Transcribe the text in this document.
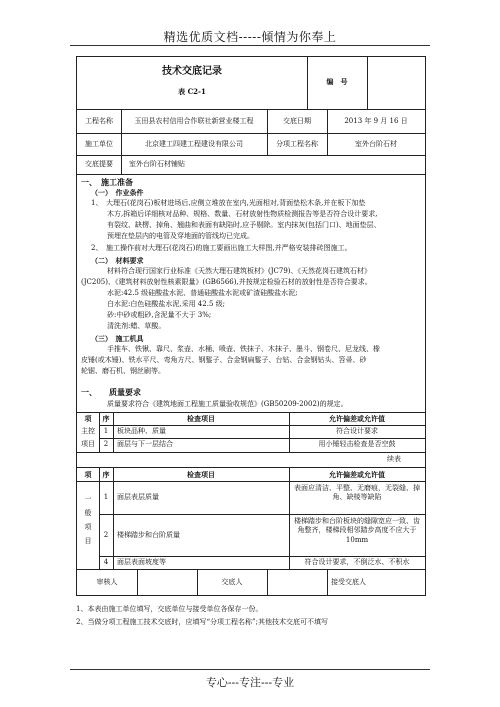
精选优质文档-----倾情为你奉上
技术交底记录
表 C2-1
编　号
工程名称	玉田县农村信用合作联社新营业楼工程	交底日期	2013 年 9 月 16 日
施工单位	北京建工四建工程建设有限公司	分项工程名称	室外台阶石材
交底提要	室外台阶石材铺贴
一、　施工准备
（一）　作业条件
1、　大理石(花岗石)板材进场后,应侧立堆放在室内,光面相对,背面垫松木条,并在板下加垫
木方,拆箱后详细核对品种、规格、数量、石材放射性物质检测报告等是否符合设计要求,
有裂纹、缺楞、掉角、翘曲和表面有缺陷时,应予剔除。室内抹灰(包括门口)、地面垫层、
预埋在垫层内的电管及穿地面的管线均已完成。
2、　施工操作前对大理石(花岗石)的施工要画出施工大样图,并严格安装排砖图施工。
（二）　材料要求
材料符合现行国家行业标准《天然大理石建筑板材》(JC79)、《天然花岗石建筑石材》
(JC205)、《建筑材料放射性核素限量》(GB6566),并按规定检验石材的放射性是否符合要求。
水泥:42.5 级硅酸盐水泥、普通硅酸盐水泥或矿渣硅酸盐水泥;
白水泥:白色硅酸盐水泥,采用 42.5 级;
砂:中砂或粗砂,含泥量不大于 3%;
清洗剂:蜡、草酸。
（三）　施工机具
手推车、铁锹、靠尺、浆壶、水桶、喷壶、铁抹子、木抹子、墨斗、钢卷尺、尼龙线、橡
皮锤(或木锤)、铁水平尺、弯角方尺、钢錾子、合金钢扁錾子、台钻、合金钢钻头、笤帚、砂
轮锯、磨石机、钢丝刷等。
一、　　质量要求
质量要求符合《建筑地面工程施工质量验收规范》(GB50209-2002)的规定。
项	序	检查项目	允许偏差或允许值
主控
项目
1	板块品种、质量	符合设计要求
2	面层与下一层结合	用小锤轻击检查是否空鼓
续表
项	序	检查项目	允许偏差或允许值
一
般
项
目
1	面层表层质量
表面应清洁、平整、无磨痕，无裂缝、掉角、缺棱等缺陷
2	楼梯踏步和台阶质量
楼梯踏步和台阶板块的缝隙宽应一致、齿角整齐，楼梯段相邻踏步高度不应大于 10mm
4	面层表面坡度等	符合设计要求，不倒泛水、不积水
审核人	交底人	接受交底人
1、本表由施工单位填写，交底单位与接受单位各保存一份。
2、当做分项工程施工技术交底时，应填写“分项工程名称”;其他技术交底可不填写
专心---专注---专业
